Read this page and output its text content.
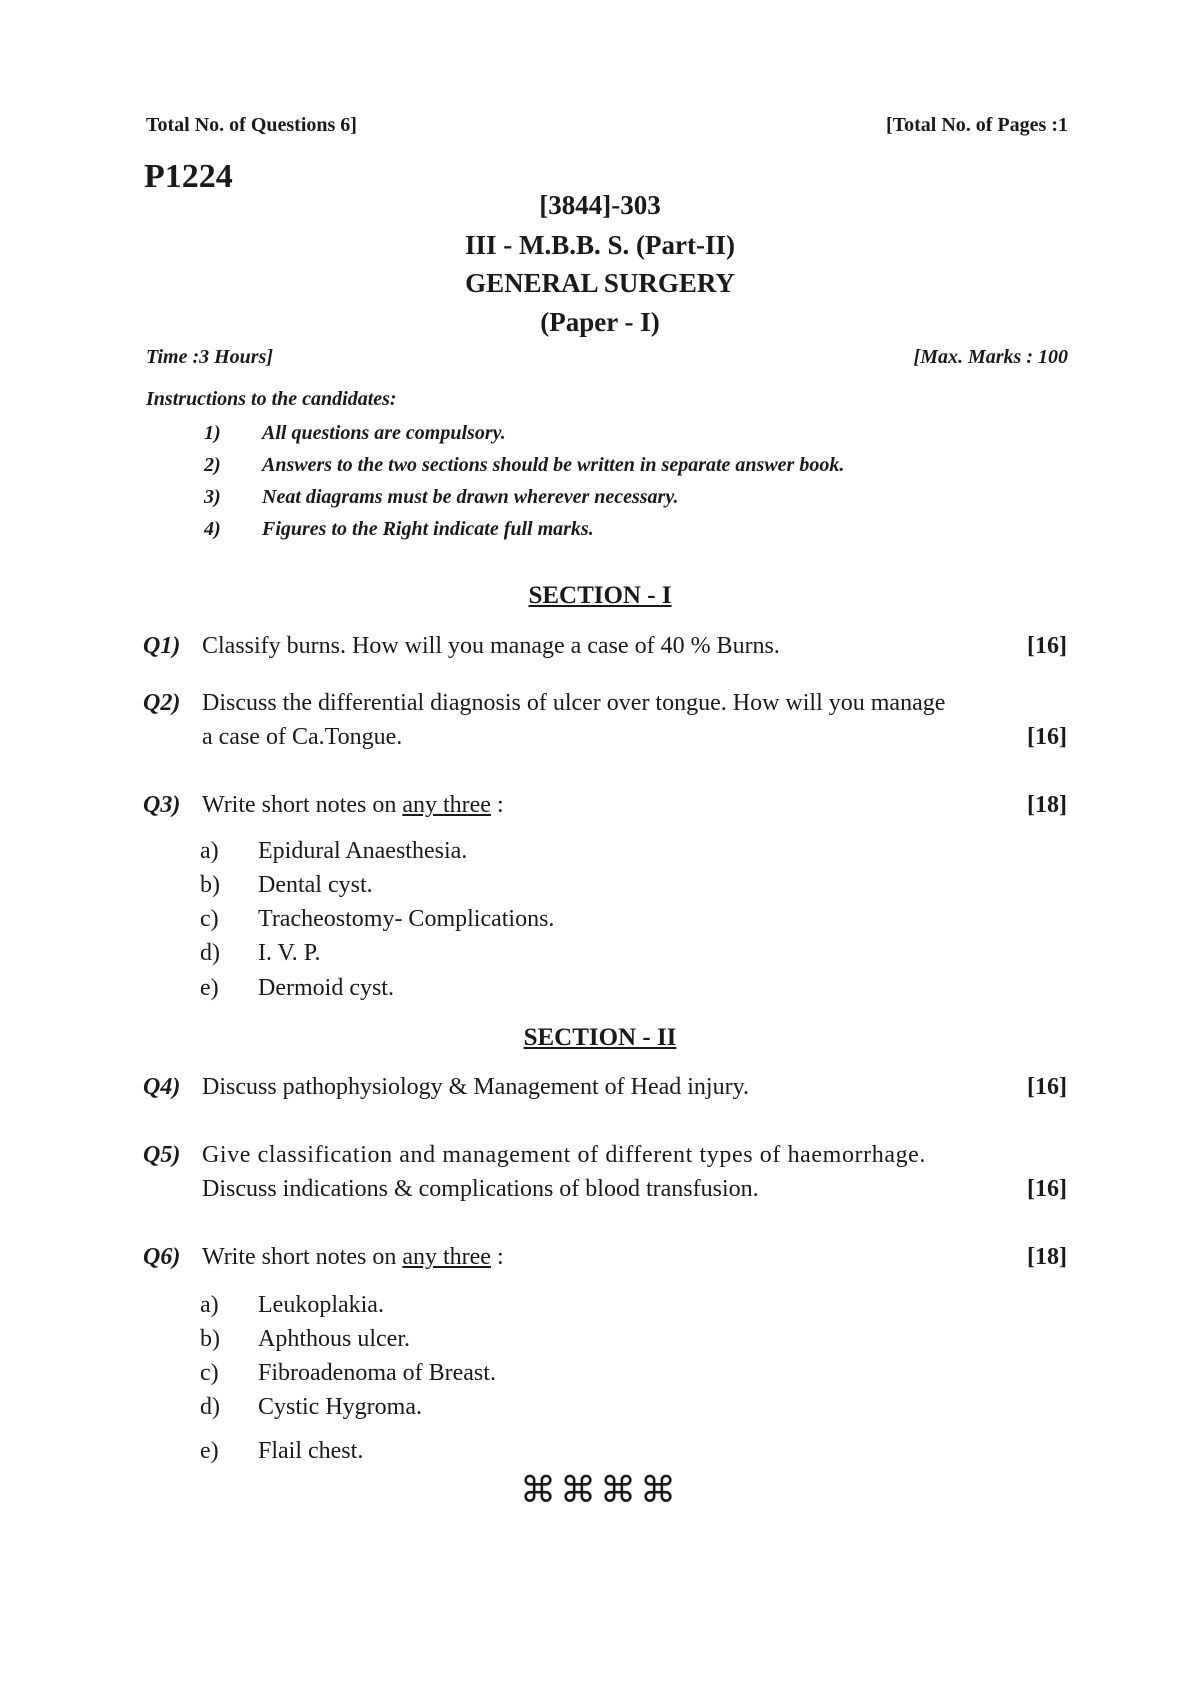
Total No. of Questions 6]	[Total No. of Pages :1
P1224
[3844]-303
III - M.B.B. S. (Part-II)
GENERAL SURGERY
(Paper - I)
Time :3 Hours]	[Max. Marks : 100
Instructions to the candidates:
1) All questions are compulsory.
2) Answers to the two sections should be written in separate answer book.
3) Neat diagrams must be drawn wherever necessary.
4) Figures to the Right indicate full marks.
SECTION - I
Q1) Classify burns. How will you manage a case of 40 % Burns.	[16]
Q2) Discuss the differential diagnosis of ulcer over tongue. How will you manage
a case of Ca.Tongue.	[16]
Q3) Write short notes on any three :	[18]
a) Epidural Anaesthesia.
b) Dental cyst.
c) Tracheostomy- Complications.
d) I. V. P.
e) Dermoid cyst.
SECTION - II
Q4) Discuss pathophysiology & Management of Head injury.	[16]
Q5) Give classification and management of different types of haemorrhage.
Discuss indications & complications of blood transfusion.	[16]
Q6) Write short notes on any three :	[18]
a) Leukoplakia.
b) Aphthous ulcer.
c) Fibroadenoma of Breast.
d) Cystic Hygroma.
e) Flail chest.
⌘⌘⌘⌘
